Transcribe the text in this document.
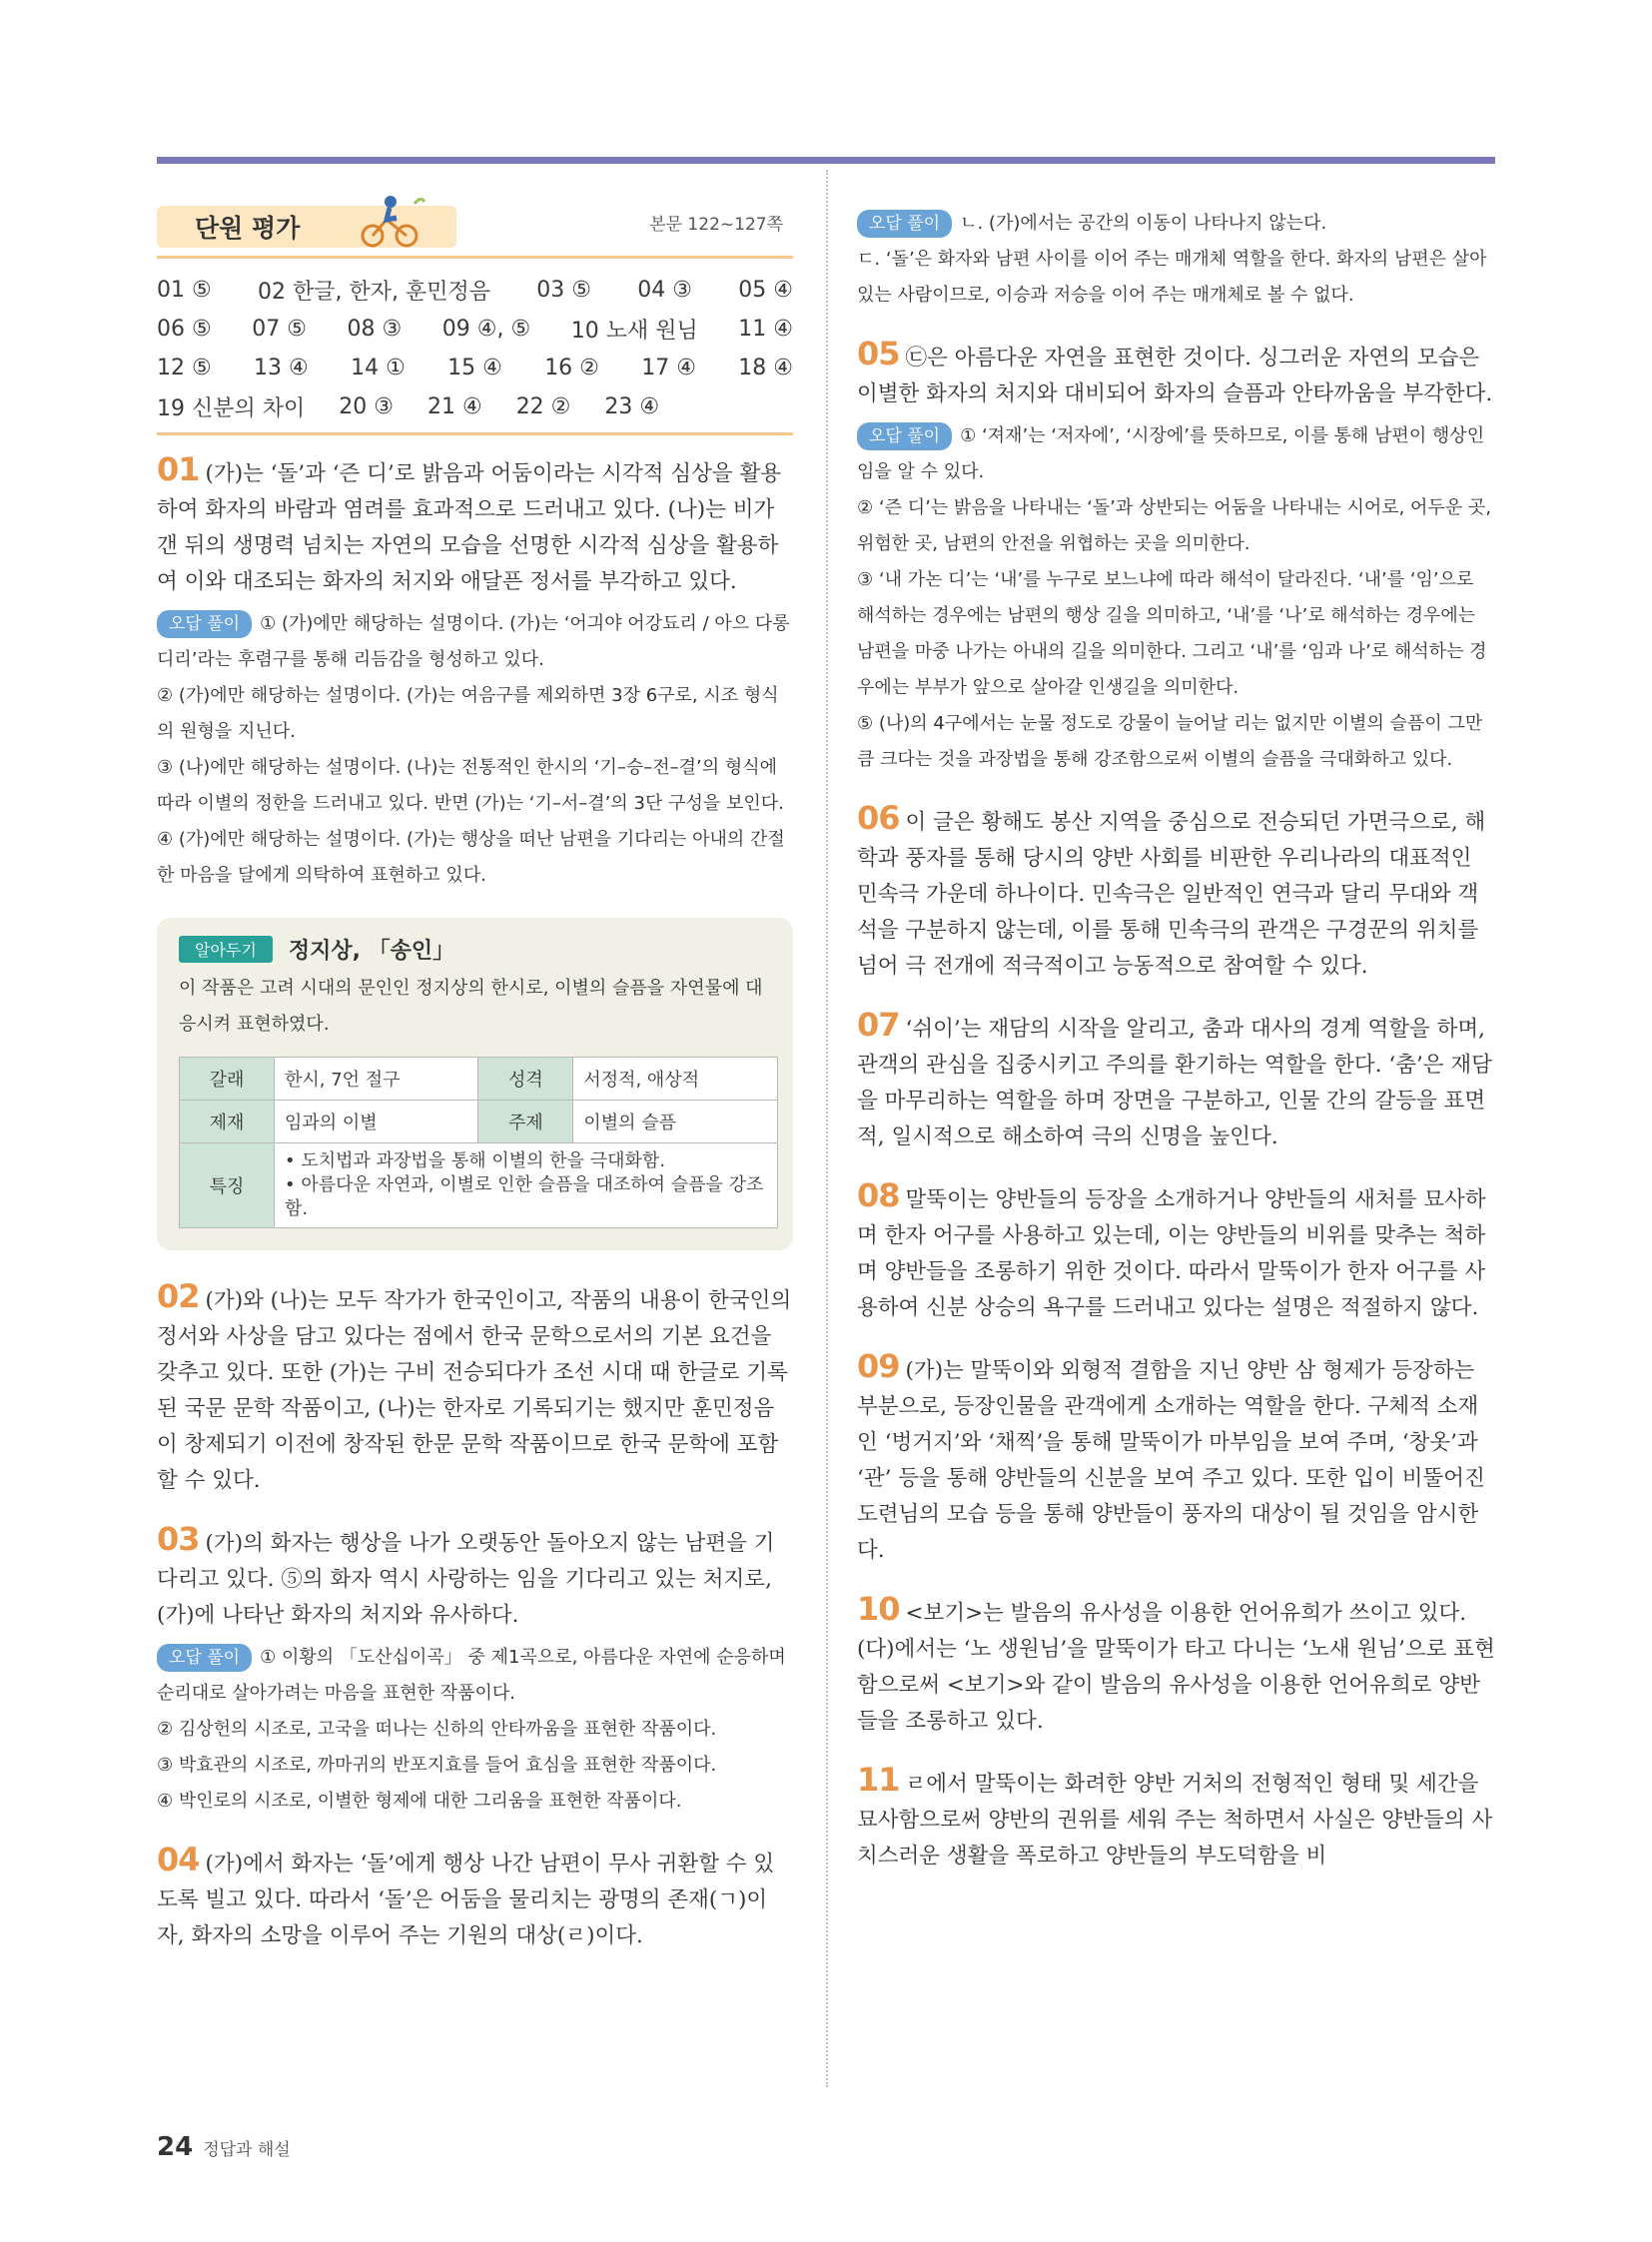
단원 평가	본문 122~127쪽
01 ⑤ 02 한글, 한자, 훈민정음 03 ⑤ 04 ③ 05 ④
06 ⑤ 07 ⑤ 08 ③ 09 ④, ⑤ 10 노새 원님 11 ④
12 ⑤ 13 ④ 14 ① 15 ④ 16 ② 17 ④ 18 ④
19 신분의 차이 20 ③ 21 ④ 22 ② 23 ④

01 (가)는 ‘돌’과 ‘즌 디’로 밝음과 어둠이라는 시각적 심상을 활용하여 화자의 바람과 염려를 효과적으로 드러내고 있다. (나)는 비가 갠 뒤의 생명력 넘치는 자연의 모습을 선명한 시각적 심상을 활용하여 이와 대조되는 화자의 처지와 애달픈 정서를 부각하고 있다.

오답 풀이 ① (가)에만 해당하는 설명이다. (가)는 ‘어긔야 어강됴리 / 아으 다롱디리’라는 후렴구를 통해 리듬감을 형성하고 있다.

② (가)에만 해당하는 설명이다. (가)는 여음구를 제외하면 3장 6구로, 시조 형식의 원형을 지닌다.

③ (나)에만 해당하는 설명이다. (나)는 전통적인 한시의 ‘기–승–전–결’의 형식에 따라 이별의 정한을 드러내고 있다. 반면 (가)는 ‘기–서–결’의 3단 구성을 보인다.

④ (가)에만 해당하는 설명이다. (가)는 행상을 떠난 남편을 기다리는 아내의 간절한 마음을 달에게 의탁하여 표현하고 있다.

알아두기	정지상, 「송인」
이 작품은 고려 시대의 문인인 정지상의 한시로, 이별의 슬픔을 자연물에 대응시켜 표현하였다.
갈래	한시, 7언 절구	성격	서정적, 애상적
제재	임과의 이별	주제	이별의 슬픔
특징	• 도치법과 과장법을 통해 이별의 한을 극대화함.
• 아름다운 자연과, 이별로 인한 슬픔을 대조하여 슬픔을 강조함.		

02 (가)와 (나)는 모두 작가가 한국인이고, 작품의 내용이 한국인의 정서와 사상을 담고 있다는 점에서 한국 문학으로서의 기본 요건을 갖추고 있다. 또한 (가)는 구비 전승되다가 조선 시대 때 한글로 기록된 국문 문학 작품이고, (나)는 한자로 기록되기는 했지만 훈민정음이 창제되기 이전에 창작된 한문 문학 작품이므로 한국 문학에 포함할 수 있다.

03 (가)의 화자는 행상을 나가 오랫동안 돌아오지 않는 남편을 기다리고 있다. ⑤의 화자 역시 사랑하는 임을 기다리고 있는 처지로, (가)에 나타난 화자의 처지와 유사하다.

오답 풀이 ① 이황의 「도산십이곡」 중 제1곡으로, 아름다운 자연에 순응하며 순리대로 살아가려는 마음을 표현한 작품이다.

② 김상헌의 시조로, 고국을 떠나는 신하의 안타까움을 표현한 작품이다.

③ 박효관의 시조로, 까마귀의 반포지효를 들어 효심을 표현한 작품이다.

④ 박인로의 시조로, 이별한 형제에 대한 그리움을 표현한 작품이다.

04 (가)에서 화자는 ‘돌’에게 행상 나간 남편이 무사 귀환할 수 있도록 빌고 있다. 따라서 ‘돌’은 어둠을 물리치는 광명의 존재(ㄱ)이자, 화자의 소망을 이루어 주는 기원의 대상(ㄹ)이다.

오답 풀이 ㄴ. (가)에서는 공간의 이동이 나타나지 않는다.

ㄷ. ‘돌’은 화자와 남편 사이를 이어 주는 매개체 역할을 한다. 화자의 남편은 살아 있는 사람이므로, 이승과 저승을 이어 주는 매개체로 볼 수 없다.

05 ㉢은 아름다운 자연을 표현한 것이다. 싱그러운 자연의 모습은 이별한 화자의 처지와 대비되어 화자의 슬픔과 안타까움을 부각한다.

오답 풀이 ① ‘져재’는 ‘저자에’, ‘시장에’를 뜻하므로, 이를 통해 남편이 행상인임을 알 수 있다.

② ‘즌 디’는 밝음을 나타내는 ‘돌’과 상반되는 어둠을 나타내는 시어로, 어두운 곳, 위험한 곳, 남편의 안전을 위협하는 곳을 의미한다.

③ ‘내 가논 디’는 ‘내’를 누구로 보느냐에 따라 해석이 달라진다. ‘내’를 ‘임’으로 해석하는 경우에는 남편의 행상 길을 의미하고, ‘내’를 ‘나’로 해석하는 경우에는 남편을 마중 나가는 아내의 길을 의미한다. 그리고 ‘내’를 ‘임과 나’로 해석하는 경우에는 부부가 앞으로 살아갈 인생길을 의미한다.

⑤ (나)의 4구에서는 눈물 정도로 강물이 늘어날 리는 없지만 이별의 슬픔이 그만큼 크다는 것을 과장법을 통해 강조함으로써 이별의 슬픔을 극대화하고 있다.

06 이 글은 황해도 봉산 지역을 중심으로 전승되던 가면극으로, 해학과 풍자를 통해 당시의 양반 사회를 비판한 우리나라의 대표적인 민속극 가운데 하나이다. 민속극은 일반적인 연극과 달리 무대와 객석을 구분하지 않는데, 이를 통해 민속극의 관객은 구경꾼의 위치를 넘어 극 전개에 적극적이고 능동적으로 참여할 수 있다.

07 ‘쉬이’는 재담의 시작을 알리고, 춤과 대사의 경계 역할을 하며, 관객의 관심을 집중시키고 주의를 환기하는 역할을 한다. ‘춤’은 재담을 마무리하는 역할을 하며 장면을 구분하고, 인물 간의 갈등을 표면적, 일시적으로 해소하여 극의 신명을 높인다.

08 말뚝이는 양반들의 등장을 소개하거나 양반들의 새처를 묘사하며 한자 어구를 사용하고 있는데, 이는 양반들의 비위를 맞추는 척하며 양반들을 조롱하기 위한 것이다. 따라서 말뚝이가 한자 어구를 사용하여 신분 상승의 욕구를 드러내고 있다는 설명은 적절하지 않다.

09 (가)는 말뚝이와 외형적 결함을 지닌 양반 삼 형제가 등장하는 부분으로, 등장인물을 관객에게 소개하는 역할을 한다. 구체적 소재인 ‘벙거지’와 ‘채찍’을 통해 말뚝이가 마부임을 보여 주며, ‘창옷’과 ‘관’ 등을 통해 양반들의 신분을 보여 주고 있다. 또한 입이 비뚤어진 도련님의 모습 등을 통해 양반들이 풍자의 대상이 될 것임을 암시한다.

10 <보기>는 발음의 유사성을 이용한 언어유희가 쓰이고 있다. (다)에서는 ‘노 생원님’을 말뚝이가 타고 다니는 ‘노새 원님’으로 표현함으로써 <보기>와 같이 발음의 유사성을 이용한 언어유희로 양반들을 조롱하고 있다.

11 ㄹ에서 말뚝이는 화려한 양반 거처의 전형적인 형태 및 세간을 묘사함으로써 양반의 권위를 세워 주는 척하면서 사실은 양반들의 사치스러운 생활을 폭로하고 양반들의 부도덕함을 비

24 정답과 해설
